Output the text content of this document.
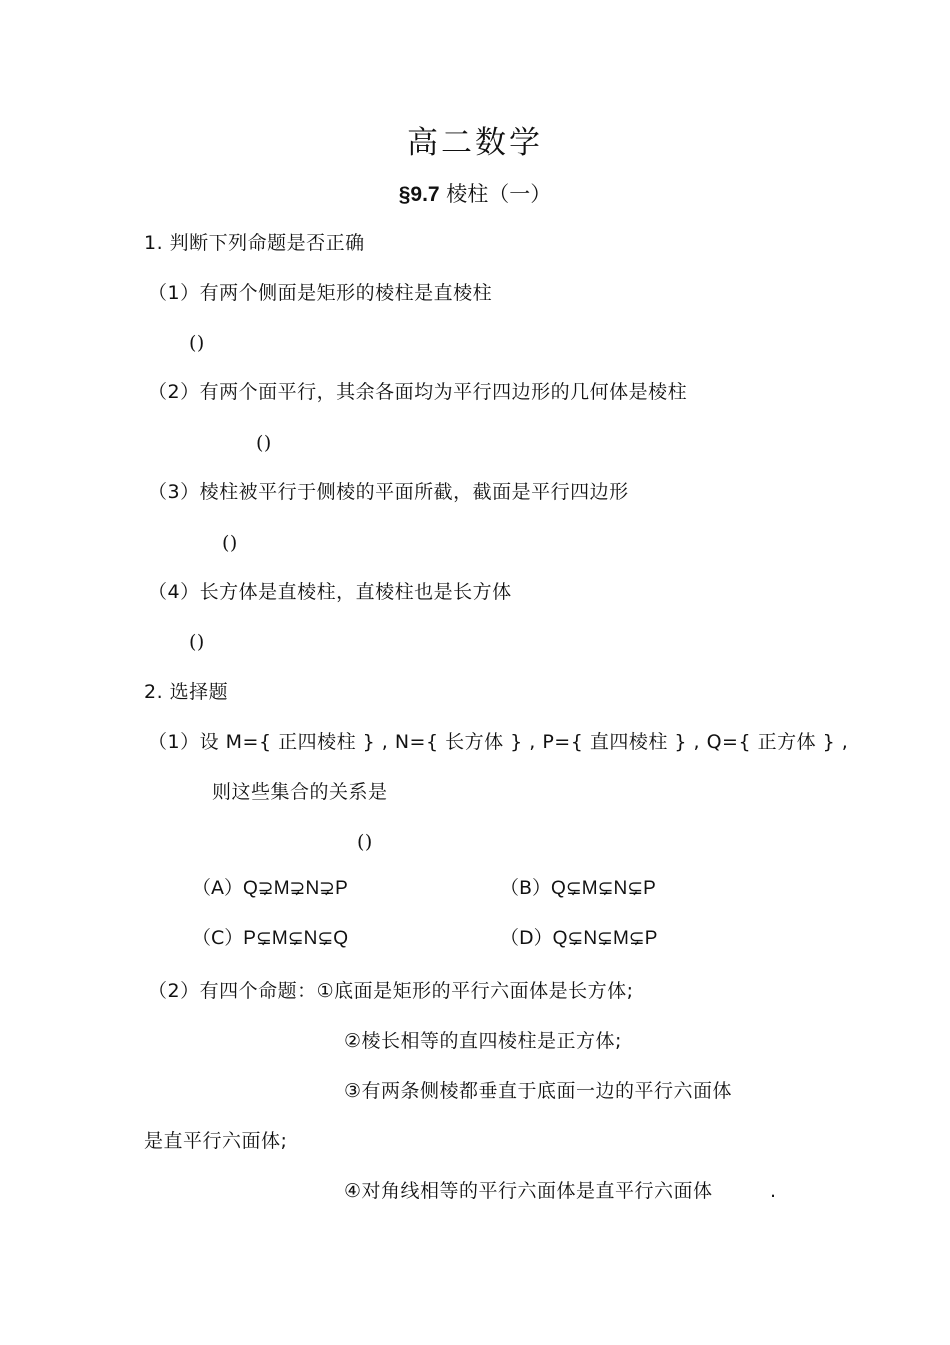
高二数学
§9.7 棱柱（一）
1. 判断下列命题是否正确
（1）有两个侧面是矩形的棱柱是直棱柱
()
（2）有两个面平行，其余各面均为平行四边形的几何体是棱柱
()
（3）棱柱被平行于侧棱的平面所截，截面是平行四边形
()
（4）长方体是直棱柱，直棱柱也是长方体
()
2. 选择题
（1）设 M={ 正四棱柱 } , N={ 长方体 } , P={ 直四棱柱 } , Q={ 正方体 } ,
则这些集合的关系是
()
（A）Q⊋M⊋N⊋P	（B）Q⊊M⊊N⊊P
（C）P⊊M⊊N⊊Q	（D）Q⊊N⊊M⊊P
（2）有四个命题：①底面是矩形的平行六面体是长方体;
②棱长相等的直四棱柱是正方体;
③有两条侧棱都垂直于底面一边的平行六面体
是直平行六面体;
④对角线相等的平行六面体是直平行六面体	.
